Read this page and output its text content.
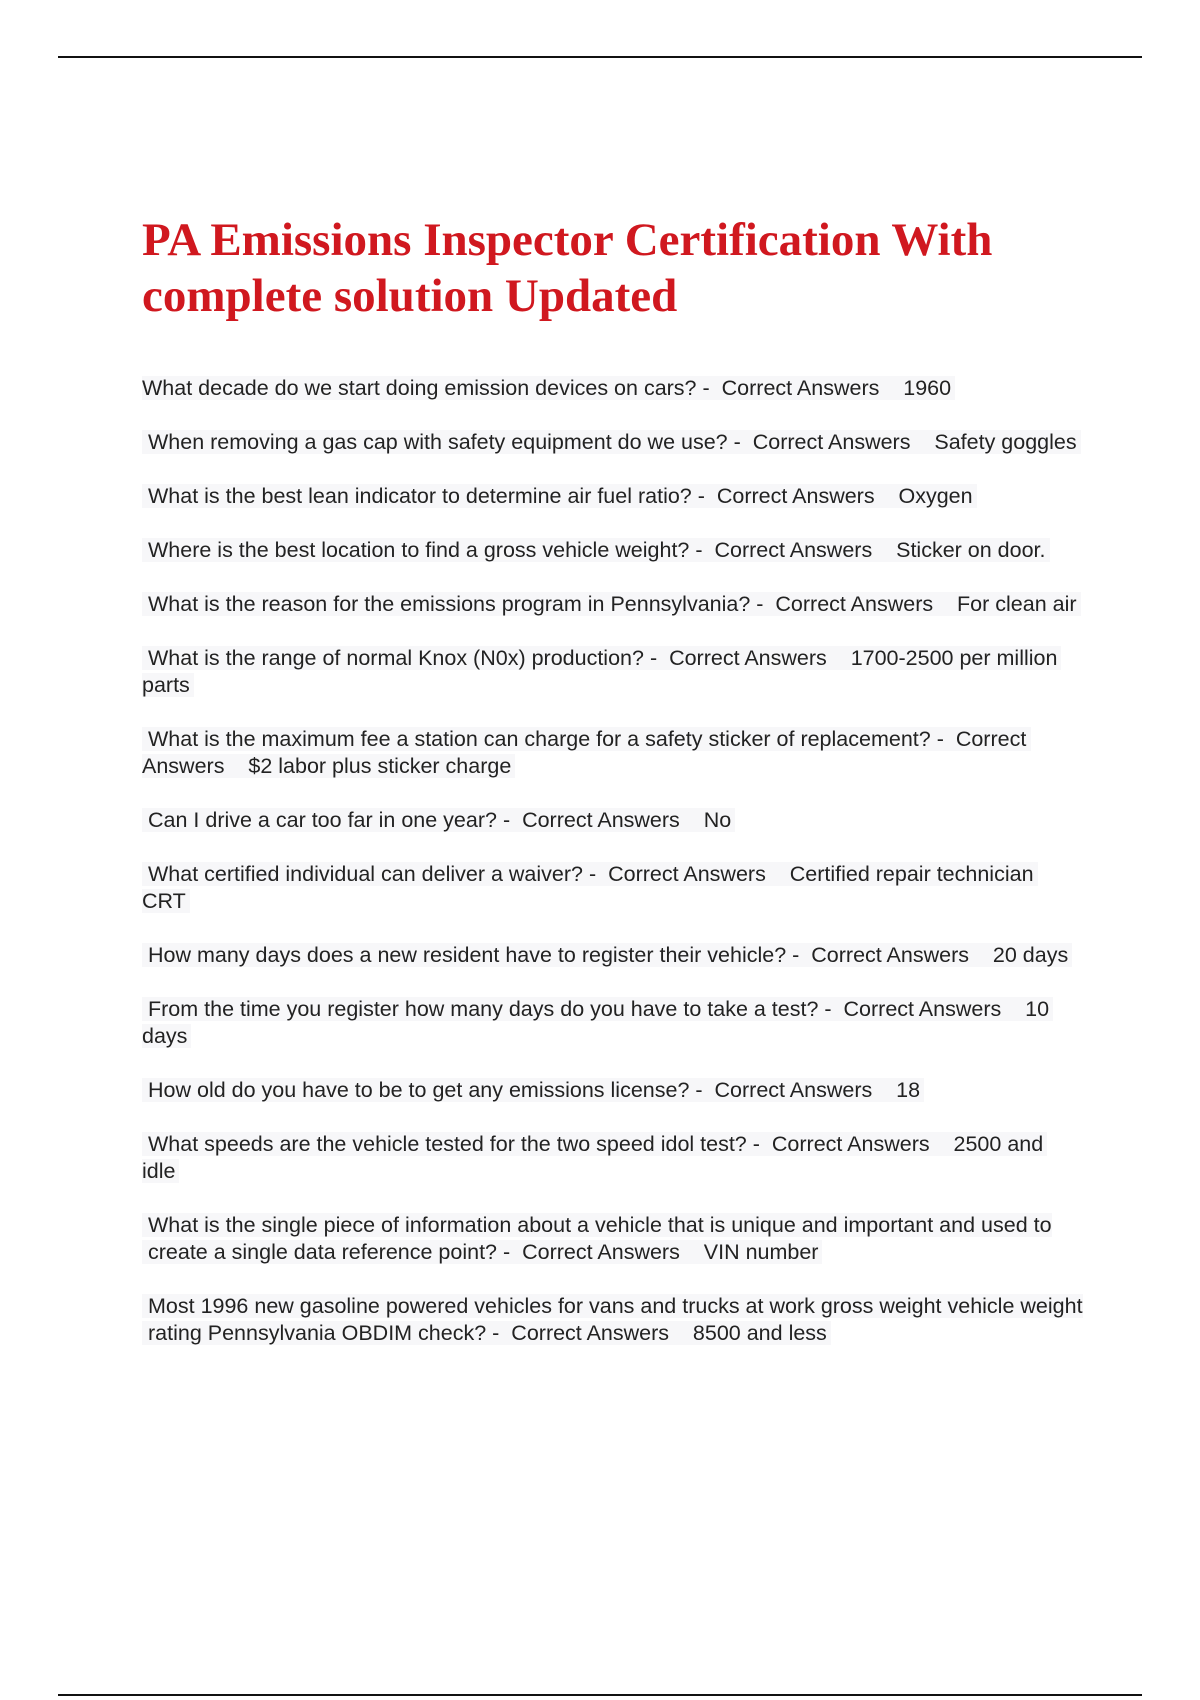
PA Emissions Inspector Certification With complete solution Updated

What decade do we start doing emission devices on cars? - Correct Answers 1960

When removing a gas cap with safety equipment do we use? - Correct Answers Safety goggles

What is the best lean indicator to determine air fuel ratio? - Correct Answers Oxygen

Where is the best location to find a gross vehicle weight? - Correct Answers Sticker on door.

What is the reason for the emissions program in Pennsylvania? - Correct Answers For clean air

What is the range of normal Knox (N0x) production? - Correct Answers 1700-2500 per million parts

What is the maximum fee a station can charge for a safety sticker of replacement? - Correct Answers $2 labor plus sticker charge

Can I drive a car too far in one year? - Correct Answers No

What certified individual can deliver a waiver? - Correct Answers Certified repair technician CRT

How many days does a new resident have to register their vehicle? - Correct Answers 20 days

From the time you register how many days do you have to take a test? - Correct Answers 10 days

How old do you have to be to get any emissions license? - Correct Answers 18

What speeds are the vehicle tested for the two speed idol test? - Correct Answers 2500 and idle

What is the single piece of information about a vehicle that is unique and important and used to create a single data reference point? - Correct Answers VIN number

Most 1996 new gasoline powered vehicles for vans and trucks at work gross weight vehicle weight rating Pennsylvania OBDIM check? - Correct Answers 8500 and less
